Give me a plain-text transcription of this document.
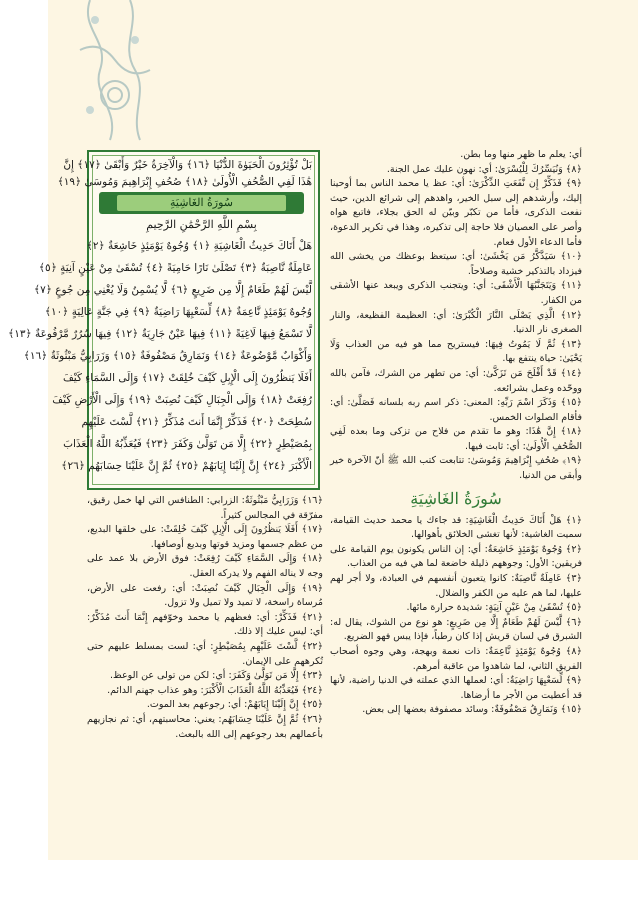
بَلْ تُؤْثِرُونَ الْحَيَوٰةَ الدُّنْيَا ﴿١٦﴾ وَالْآخِرَةُ خَيْرٌ وَأَبْقَىٰ ﴿١٧﴾ إِنَّ
هَٰذَا لَفِي الصُّحُفِ الْأُولَىٰ ﴿١٨﴾ صُحُفِ إِبْرَاهِيمَ وَمُوسَىٰ ﴿١٩﴾
سُورَةُ الغَاشِيَةِ
بِسْمِ اللَّهِ الرَّحْمَٰنِ الرَّحِيمِ
هَلْ أَتَاكَ حَدِيثُ الْغَاشِيَةِ ﴿١﴾ وُجُوهٌ يَوْمَئِذٍ خَاشِعَةٌ ﴿٢﴾
عَامِلَةٌ نَّاصِبَةٌ ﴿٣﴾ تَصْلَىٰ نَارًا حَامِيَةً ﴿٤﴾ تُسْقَىٰ مِنْ عَيْنٍ آنِيَةٍ ﴿٥﴾
لَّيْسَ لَهُمْ طَعَامٌ إِلَّا مِن ضَرِيعٍ ﴿٦﴾ لَّا يُسْمِنُ وَلَا يُغْنِي مِن جُوعٍ ﴿٧﴾
وُجُوهٌ يَوْمَئِذٍ نَّاعِمَةٌ ﴿٨﴾ لِّسَعْيِهَا رَاضِيَةٌ ﴿٩﴾ فِي جَنَّةٍ عَالِيَةٍ ﴿١٠﴾
لَّا تَسْمَعُ فِيهَا لَاغِيَةً ﴿١١﴾ فِيهَا عَيْنٌ جَارِيَةٌ ﴿١٢﴾ فِيهَا سُرُرٌ مَّرْفُوعَةٌ ﴿١٣﴾
وَأَكْوَابٌ مَّوْضُوعَةٌ ﴿١٤﴾ وَنَمَارِقُ مَصْفُوفَةٌ ﴿١٥﴾ وَزَرَابِيُّ مَبْثُوثَةٌ ﴿١٦﴾
أَفَلَا يَنظُرُونَ إِلَى الْإِبِلِ كَيْفَ خُلِقَتْ ﴿١٧﴾ وَإِلَى السَّمَاءِ كَيْفَ
رُفِعَتْ ﴿١٨﴾ وَإِلَى الْجِبَالِ كَيْفَ نُصِبَتْ ﴿١٩﴾ وَإِلَى الْأَرْضِ كَيْفَ
سُطِحَتْ ﴿٢٠﴾ فَذَكِّرْ إِنَّمَا أَنتَ مُذَكِّرٌ ﴿٢١﴾ لَّسْتَ عَلَيْهِم
بِمُصَيْطِرٍ ﴿٢٢﴾ إِلَّا مَن تَوَلَّىٰ وَكَفَرَ ﴿٢٣﴾ فَيُعَذِّبُهُ اللَّهُ الْعَذَابَ
الْأَكْبَرَ ﴿٢٤﴾ إِنَّ إِلَيْنَا إِيَابَهُمْ ﴿٢٥﴾ ثُمَّ إِنَّ عَلَيْنَا حِسَابَهُم ﴿٢٦﴾

﴿١٦﴾ وَزَرَابِيُّ مَبْثُوثَةٌ: الزرابي: الطنافس التي لها خمل رقيق، مفرّقة في المجالس كثيراً.

﴿١٧﴾ أَفَلَا يَنظُرُونَ إِلَى الْإِبِلِ كَيْفَ خُلِقَتْ: على خلقها البديع، من عظم جسمها ومزيد قوتها وبديع أوصافها.

﴿١٨﴾ وَإِلَى السَّمَاءِ كَيْفَ رُفِعَتْ: فوق الأرض بلا عمد على وجه لا يناله الفهم ولا يدركه العقل.

﴿١٩﴾ وَإِلَى الْجِبَالِ كَيْفَ نُصِبَتْ: أي: رفعت على الأرض، مُرساة راسخة، لا تميد ولا تميل ولا تزول.

﴿٢١﴾ فَذَكِّرْ: أي: فعظهم يا محمد وخوّفهم إِنَّمَا أَنتَ مُذَكِّرٌ: أي: ليس عليك إلا ذلك.

﴿٢٢﴾ لَّسْتَ عَلَيْهِم بِمُصَيْطِرٍ: أي: لست بمسلط عليهم حتى تُكرههم على الإيمان.

﴿٢٣﴾ إِلَّا مَن تَوَلَّىٰ وَكَفَرَ: أي: لكن من تولى عن الوعظ.

﴿٢٤﴾ فَيُعَذِّبُهُ اللَّهُ الْعَذَابَ الْأَكْبَرَ: وهو عذاب جهنم الدائم.

﴿٢٥﴾ إِنَّ إِلَيْنَا إِيَابَهُمْ: أي: رجوعهم بعد الموت.

﴿٢٦﴾ ثُمَّ إِنَّ عَلَيْنَا حِسَابَهُم: يعني: محاسبتهم، أي: ثم نجازيهم بأعمالهم بعد رجوعهم إلى الله بالبعث.

أي: يعلم ما ظهر منها وما بطن.

﴿٨﴾ وَنُيَسِّرُكَ لِلْيُسْرَىٰ: أي: نهون عليك عمل الجنة.

﴿٩﴾ فَذَكِّرْ إِن نَّفَعَتِ الذِّكْرَىٰ: أي: عظ يا محمد الناس بما أوحينا إليك، وأرشدهم إلى سبل الخير، واهدهم إلى شرائع الدين، حيث نفعت الذكرى، فأما من تكبّر وبيّن له الحق بجلاء، فاتبع هواه وأصر على العصيان فلا حاجة إلى تذكيره، وهذا في تكرير الدعوة، فأما الدعاء الأول فعام.

﴿١٠﴾ سَيَذَّكَّرُ مَن يَخْشَىٰ: أي: سيتعظ بوعظك من يخشى الله فيزداد بالتذكير خشية وصلاحاً.

﴿١١﴾ وَيَتَجَنَّبُهَا الْأَشْقَى: أي: ويتجنب الذكرى ويبعد عنها الأشقى من الكفار.

﴿١٢﴾ الَّذِي يَصْلَى النَّارَ الْكُبْرَىٰ: أي: العظيمة الفظيعة، والنار الصغرى نار الدنيا.

﴿١٣﴾ ثُمَّ لَا يَمُوتُ فِيهَا: فيستريح مما هو فيه من العذاب وَلَا يَحْيَىٰ: حياة ينتفع بها.

﴿١٤﴾ قَدْ أَفْلَحَ مَن تَزَكَّىٰ: أي: من تطهر من الشرك، فآمن بالله ووحّده وعمل بشرائعه.

﴿١٥﴾ وَذَكَرَ اسْمَ رَبِّهِ: المعنى: ذكر اسم ربه بلسانه فَصَلَّىٰ: أي: فأقام الصلوات الخمس.

﴿١٨﴾ إِنَّ هَٰذَا: وهو ما تقدم من فلاح من تزكى وما بعده لَفِي الصُّحُفِ الْأُولَىٰ: أي: ثابت فيها.

﴿١٩﴾ صُحُفِ إِبْرَاهِيمَ وَمُوسَىٰ: تتابعت كتب الله ﷺ أنّ الآخرة خير وأبقى من الدنيا.

سُورَةُ الغَاشِيَةِ

﴿١﴾ هَلْ أَتَاكَ حَدِيثُ الْغَاشِيَةِ: قد جاءك يا محمد حديث القيامة، سميت الغاشية: لأنها تغشى الخلائق بأهوالها.

﴿٢﴾ وُجُوهٌ يَوْمَئِذٍ خَاشِعَةٌ: أي: إن الناس يكونون يوم القيامة على فريقين: الأول: وجوههم ذليلة خاضعة لما هي فيه من العذاب.

﴿٣﴾ عَامِلَةٌ نَّاصِبَةٌ: كانوا يتعبون أنفسهم في العبادة، ولا أجر لهم عليها، لما هم عليه من الكفر والضلال.

﴿٥﴾ تُسْقَىٰ مِنْ عَيْنٍ آنِيَةٍ: شديدة حرارة مائها.

﴿٦﴾ لَّيْسَ لَهُمْ طَعَامٌ إِلَّا مِن ضَرِيعٍ: هو نوع من الشوك، يقال له: الشبرق في لسان قريش إذا كان رطباً، فإذا يبس فهو الضريع.

﴿٨﴾ وُجُوهٌ يَوْمَئِذٍ نَّاعِمَةٌ: ذات نعمة وبهجة، وهي وجوه أصحاب الفريق الثاني، لما شاهدوا من عاقبة أمرهم.

﴿٩﴾ لِّسَعْيِهَا رَاضِيَةٌ: أي: لعملها الذي عملته في الدنيا راضية، لأنها قد أعطيت من الأجر ما أرضاها.

﴿١٥﴾ وَنَمَارِقُ مَصْفُوفَةٌ: وسائد مصفوفة بعضها إلى بعض.
